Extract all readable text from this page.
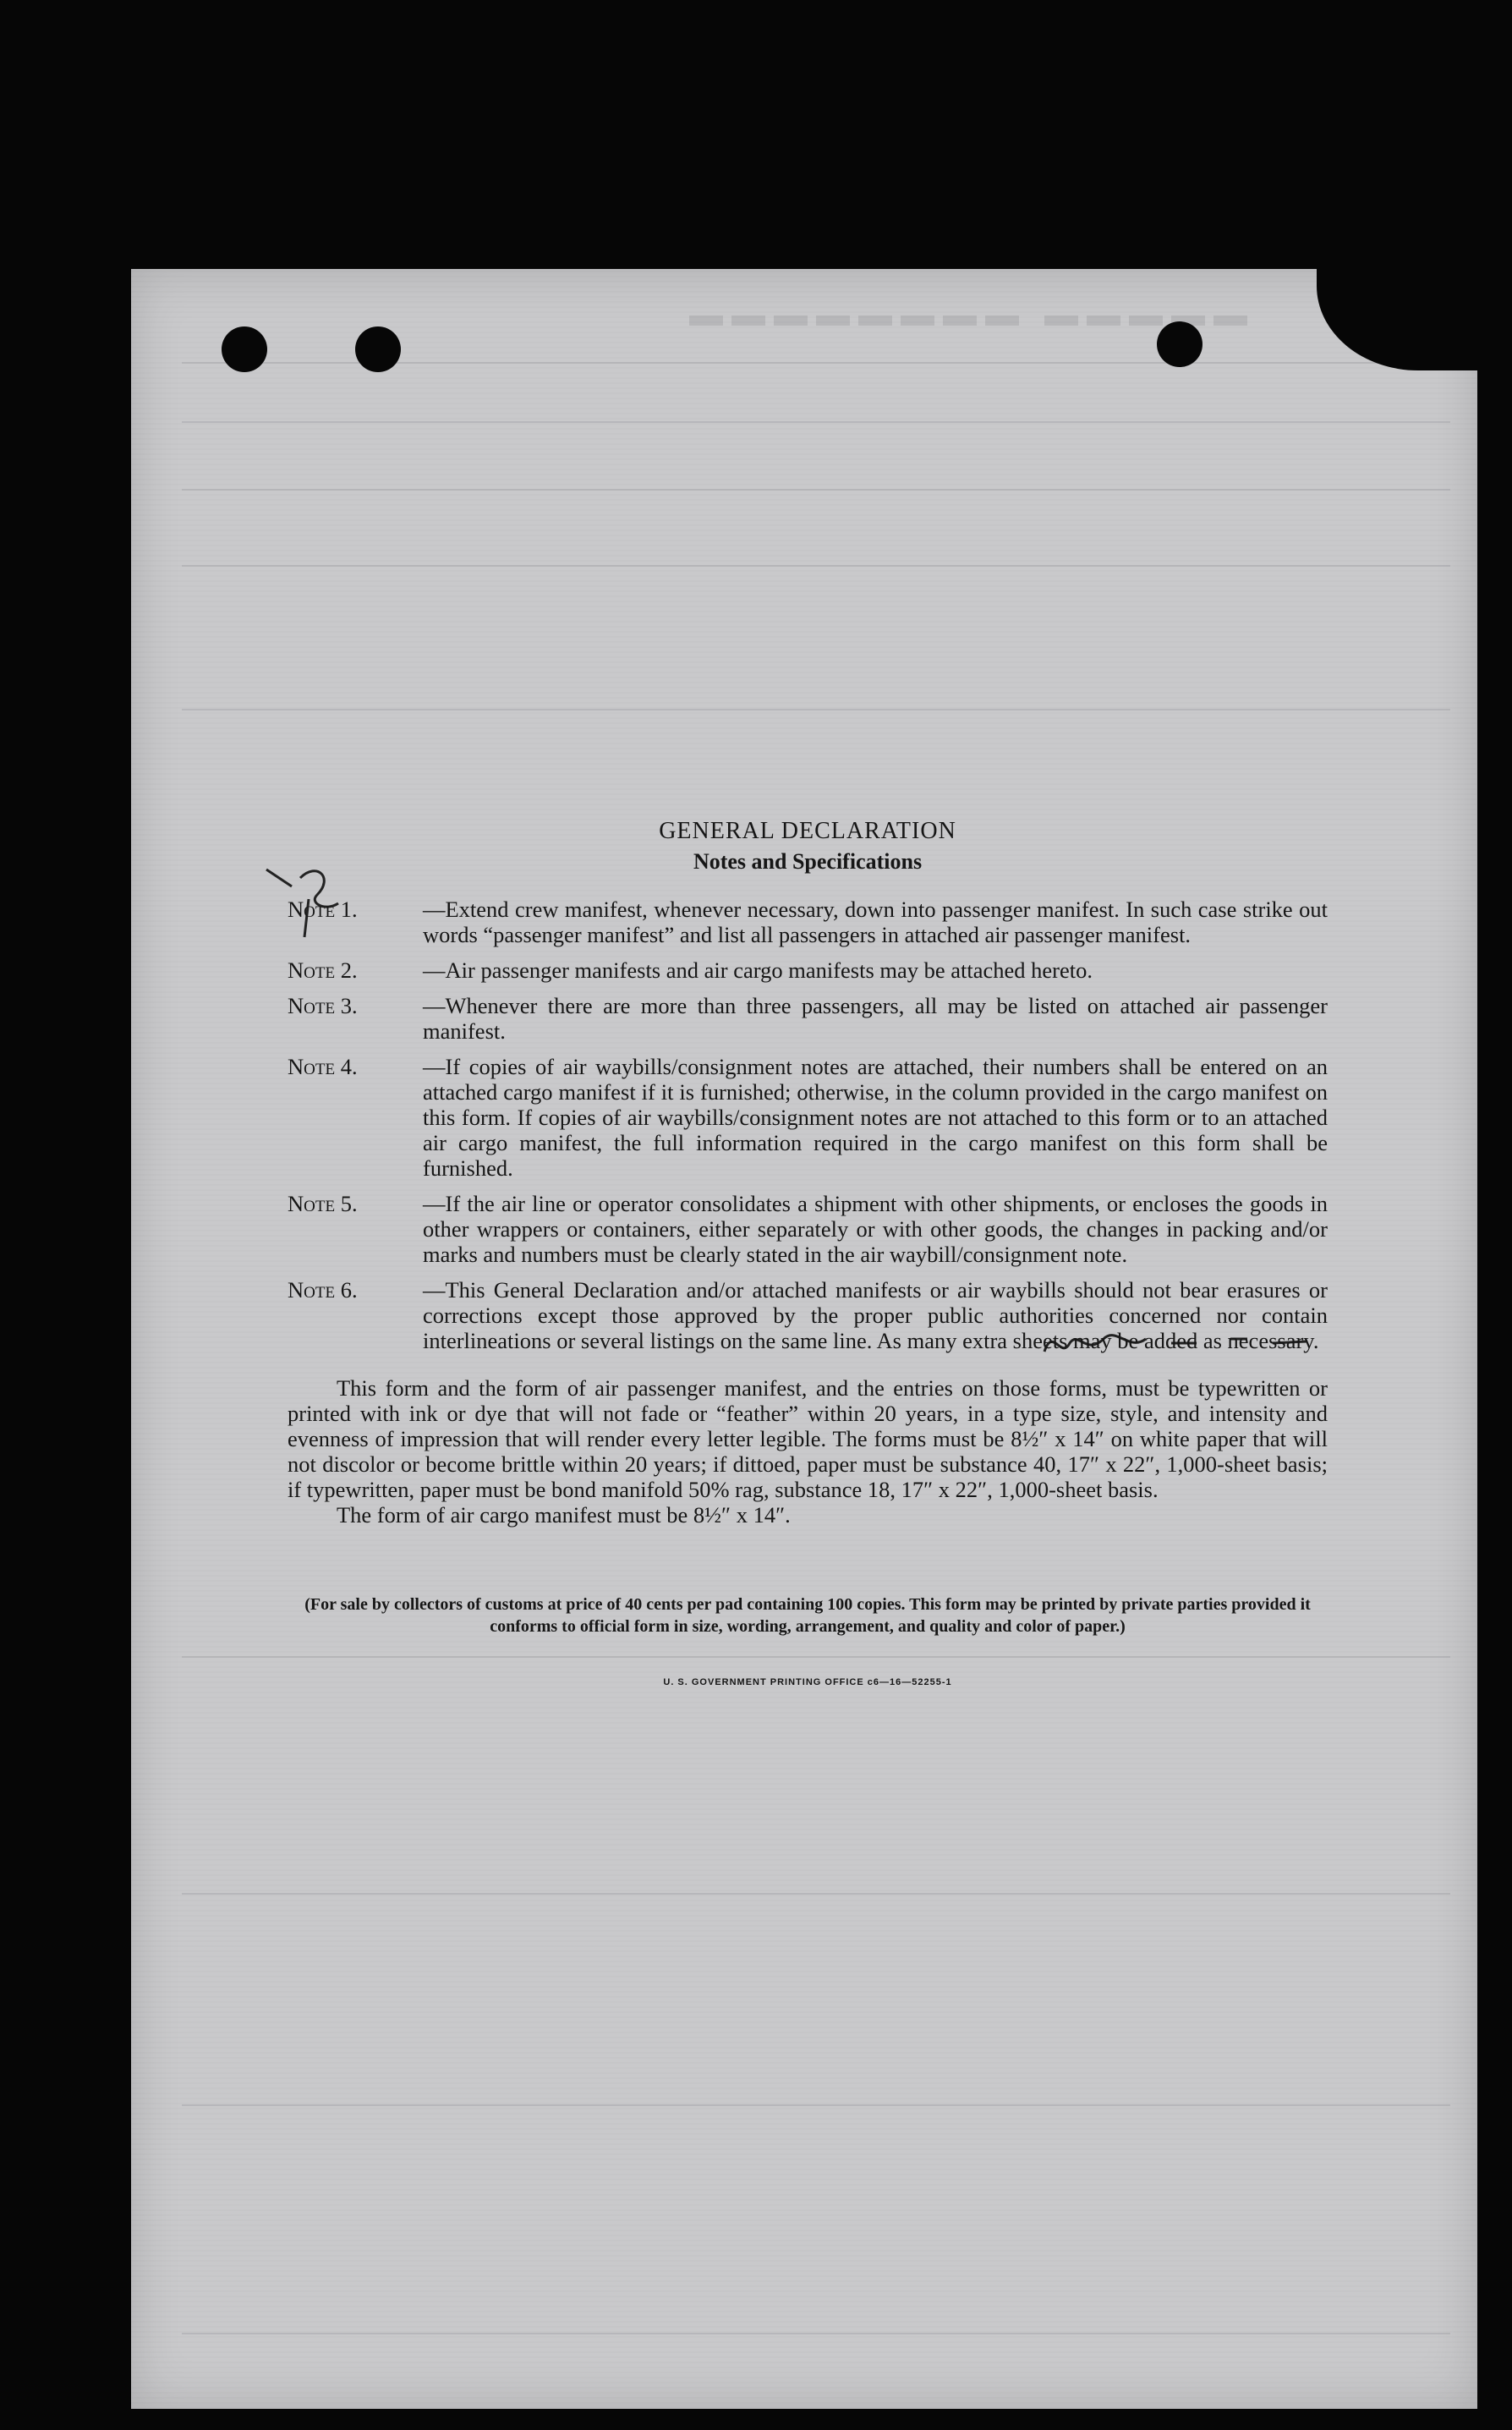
▬▬▬▬▬ ▬▬▬▬▬▬▬▬
GENERAL DECLARATION
Notes and Specifications
Note 1.	—Extend crew manifest, whenever necessary, down into passenger manifest. In such case strike out words “passenger manifest” and list all passengers in attached air passenger manifest.
Note 2.	—Air passenger manifests and air cargo manifests may be attached hereto.
Note 3.	—Whenever there are more than three passengers, all may be listed on attached air passenger manifest.
Note 4.	—If copies of air waybills/consignment notes are attached, their numbers shall be entered on an attached cargo manifest if it is furnished; otherwise, in the column provided in the cargo manifest on this form. If copies of air waybills/consignment notes are not attached to this form or to an attached air cargo manifest, the full information required in the cargo manifest on this form shall be furnished.
Note 5.	—If the air line or operator consolidates a shipment with other shipments, or encloses the goods in other wrappers or containers, either separately or with other goods, the changes in packing and/or marks and numbers must be clearly stated in the air waybill/consignment note.
Note 6.	—This General Declaration and/or attached manifests or air waybills should not bear erasures or corrections except those approved by the proper public authorities concerned nor contain interlineations or several listings on the same line. As many extra sheets may be added as necessary.

This form and the form of air passenger manifest, and the entries on those forms, must be typewritten or printed with ink or dye that will not fade or “feather” within 20 years, in a type size, style, and intensity and evenness of impression that will render every letter legible. The forms must be 8½″ x 14″ on white paper that will not discolor or become brittle within 20 years; if dittoed, paper must be substance 40, 17″ x 22″, 1,000-sheet basis; if typewritten, paper must be bond manifold 50% rag, substance 18, 17″ x 22″, 1,000-sheet basis.

The form of air cargo manifest must be 8½″ x 14″.

(For sale by collectors of customs at price of 40 cents per pad containing 100 copies. This form may be printed by private parties provided it conforms to official form in size, wording, arrangement, and quality and color of paper.)

U. S. GOVERNMENT PRINTING OFFICE c6—16—52255-1
